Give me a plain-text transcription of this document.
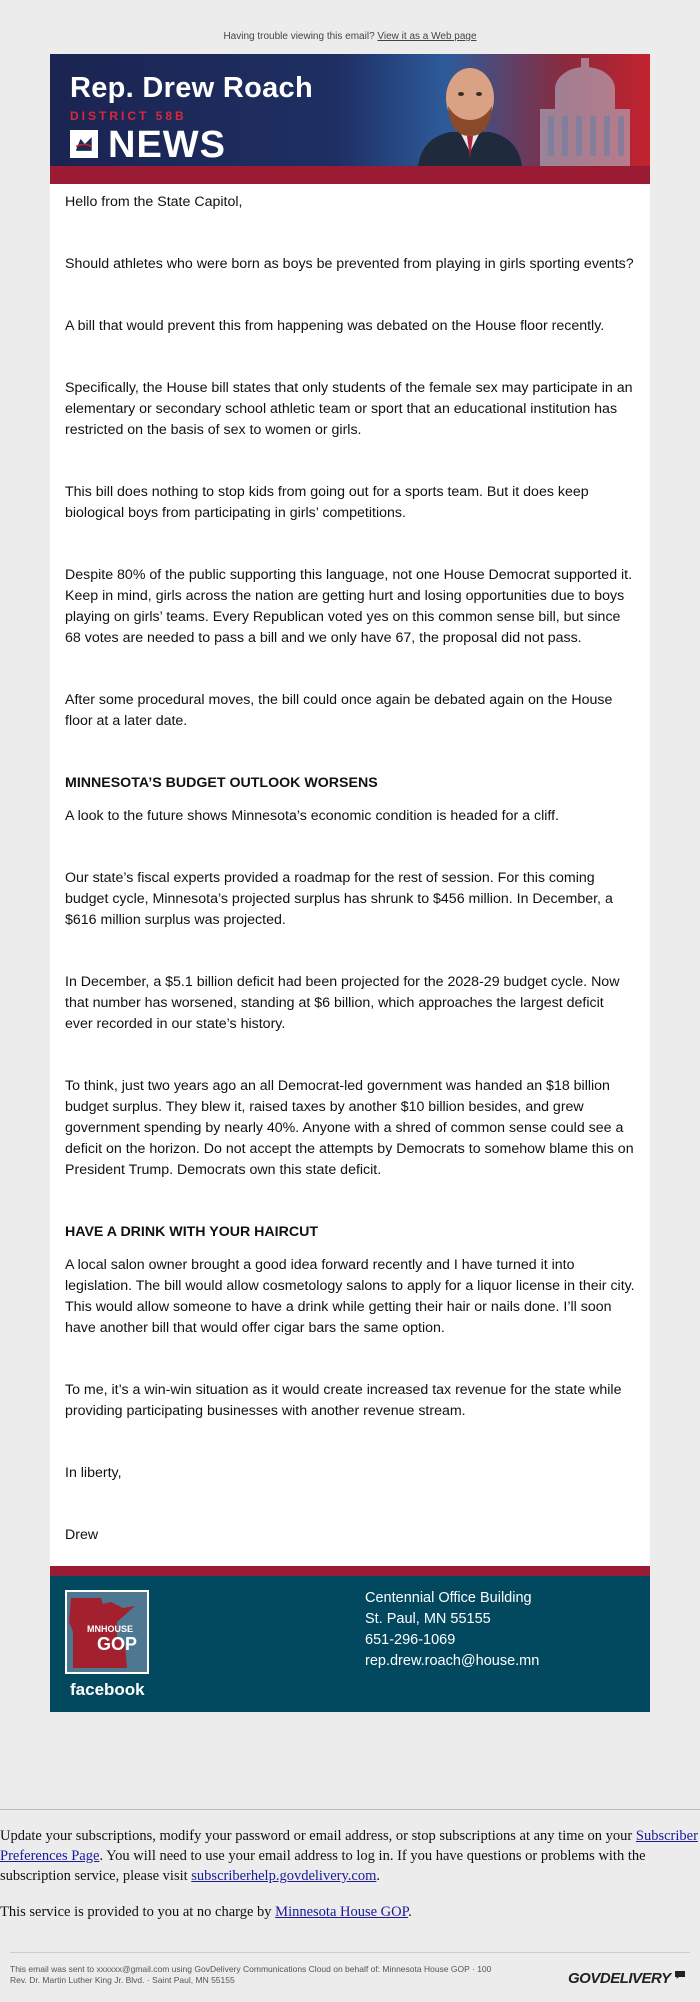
Having trouble viewing this email? View it as a Web page
Rep. Drew Roach
DISTRICT 58B
NEWS

Hello from the State Capitol,

Should athletes who were born as boys be prevented from playing in girls sporting events?

A bill that would prevent this from happening was debated on the House floor recently.

Specifically, the House bill states that only students of the female sex may participate in an elementary or secondary school athletic team or sport that an educational institution has restricted on the basis of sex to women or girls.

This bill does nothing to stop kids from going out for a sports team. But it does keep biological boys from participating in girls’ competitions.

Despite 80% of the public supporting this language, not one House Democrat supported it. Keep in mind, girls across the nation are getting hurt and losing opportunities due to boys playing on girls’ teams. Every Republican voted yes on this common sense bill, but since 68 votes are needed to pass a bill and we only have 67, the proposal did not pass.

After some procedural moves, the bill could once again be debated again on the House floor at a later date.

MINNESOTA’S BUDGET OUTLOOK WORSENS

A look to the future shows Minnesota’s economic condition is headed for a cliff.

Our state’s fiscal experts provided a roadmap for the rest of session. For this coming budget cycle, Minnesota’s projected surplus has shrunk to $456 million. In December, a $616 million surplus was projected.

In December, a $5.1 billion deficit had been projected for the 2028-29 budget cycle. Now that number has worsened, standing at $6 billion, which approaches the largest deficit ever recorded in our state’s history.

To think, just two years ago an all Democrat-led government was handed an $18 billion budget surplus. They blew it, raised taxes by another $10 billion besides, and grew government spending by nearly 40%. Anyone with a shred of common sense could see a deficit on the horizon. Do not accept the attempts by Democrats to somehow blame this on President Trump. Democrats own this state deficit.

HAVE A DRINK WITH YOUR HAIRCUT

A local salon owner brought a good idea forward recently and I have turned it into legislation. The bill would allow cosmetology salons to apply for a liquor license in their city. This would allow someone to have a drink while getting their hair or nails done. I’ll soon have another bill that would offer cigar bars the same option.

To me, it’s a win-win situation as it would create increased tax revenue for the state while providing participating businesses with another revenue stream.

In liberty,

Drew

MNHOUSE
GOP
facebook
Centennial Office Building
St. Paul, MN 55155
651-296-1069
rep.drew.roach@house.mn

Update your subscriptions, modify your password or email address, or stop subscriptions at any time on your Subscriber Preferences Page. You will need to use your email address to log in. If you have questions or problems with the subscription service, please visit subscriberhelp.govdelivery.com.

This service is provided to you at no charge by Minnesota House GOP.

This email was sent to xxxxxx@gmail.com using GovDelivery Communications Cloud on behalf of: Minnesota House GOP · 100
Rev. Dr. Martin Luther King Jr. Blvd. · Saint Paul, MN 55155	GOVDELIVERY
